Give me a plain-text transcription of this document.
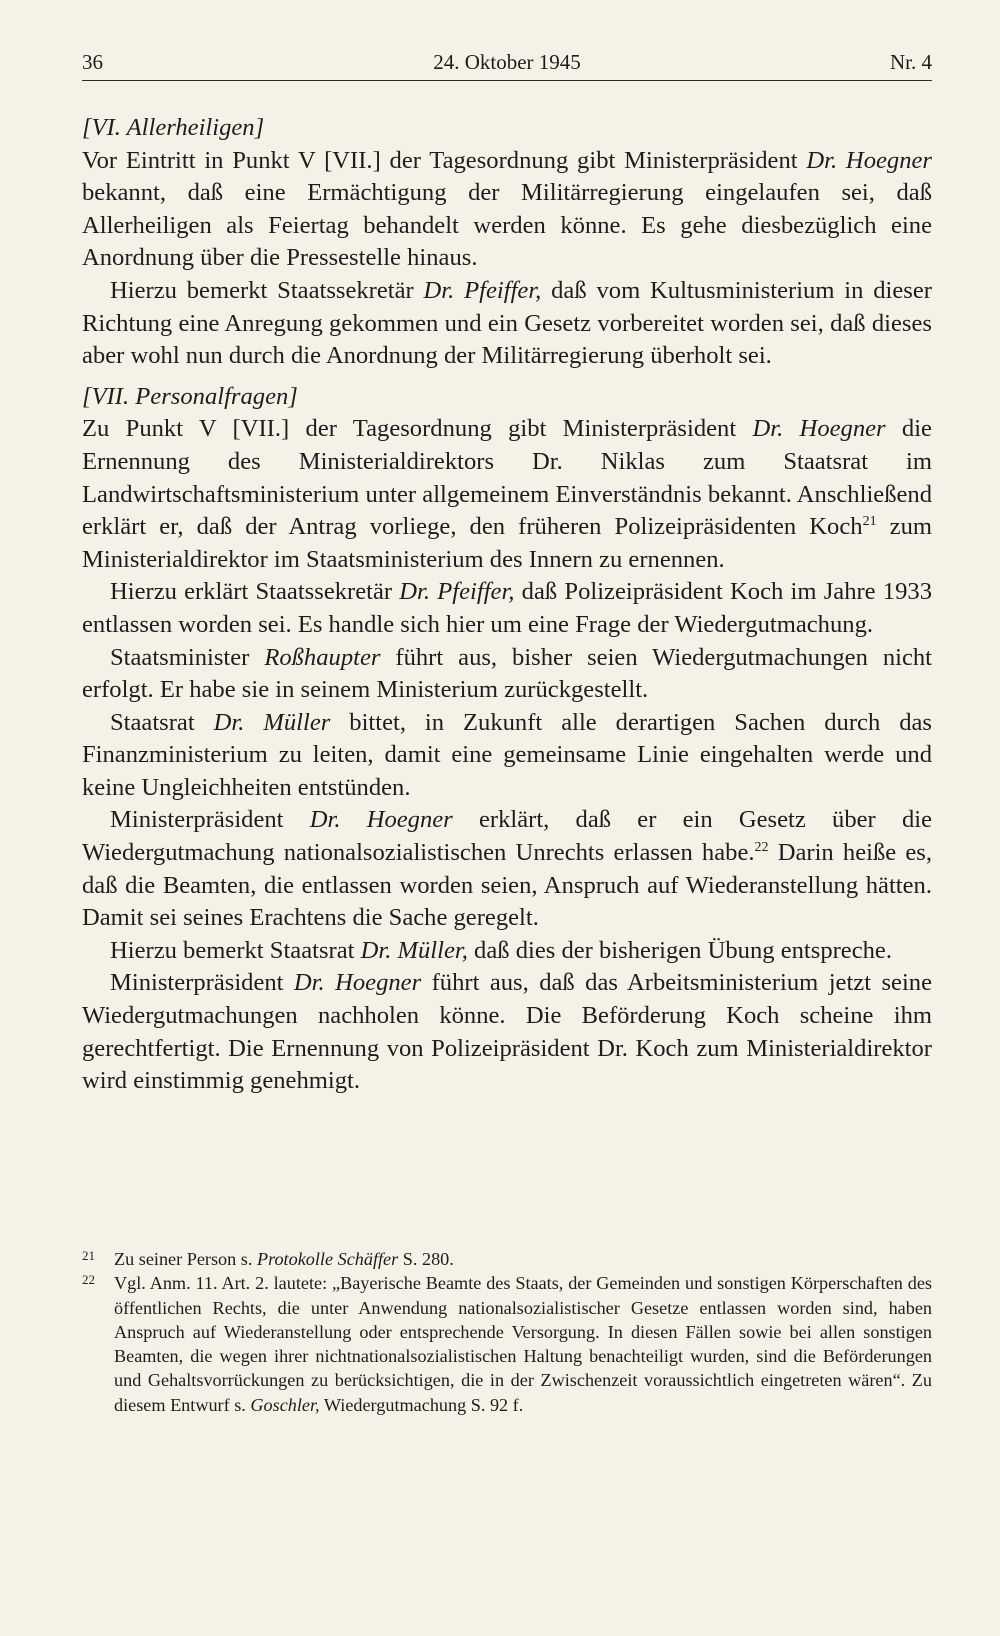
36	24. Oktober 1945	Nr. 4

[VI. Allerheiligen]

Vor Eintritt in Punkt V [VII.] der Tagesordnung gibt Ministerpräsident Dr. Hoegner bekannt, daß eine Ermächtigung der Militärregierung eingelaufen sei, daß Allerheiligen als Feiertag behandelt werden könne. Es gehe diesbezüglich eine Anordnung über die Pressestelle hinaus.

Hierzu bemerkt Staatssekretär Dr. Pfeiffer, daß vom Kultusministerium in dieser Richtung eine Anregung gekommen und ein Gesetz vorbereitet worden sei, daß dieses aber wohl nun durch die Anordnung der Militärregierung überholt sei.

[VII. Personalfragen]

Zu Punkt V [VII.] der Tagesordnung gibt Ministerpräsident Dr. Hoegner die Ernennung des Ministerialdirektors Dr. Niklas zum Staatsrat im Landwirtschaftsministerium unter allgemeinem Einverständnis bekannt. Anschließend erklärt er, daß der Antrag vorliege, den früheren Polizeipräsidenten Koch$^{21}$ zum Ministerialdirektor im Staatsministerium des Innern zu ernennen.

Hierzu erklärt Staatssekretär Dr. Pfeiffer, daß Polizeipräsident Koch im Jahre 1933 entlassen worden sei. Es handle sich hier um eine Frage der Wiedergutmachung.

Staatsminister Roßhaupter führt aus, bisher seien Wiedergutmachungen nicht erfolgt. Er habe sie in seinem Ministerium zurückgestellt.

Staatsrat Dr. Müller bittet, in Zukunft alle derartigen Sachen durch das Finanzministerium zu leiten, damit eine gemeinsame Linie eingehalten werde und keine Ungleichheiten entstünden.

Ministerpräsident Dr. Hoegner erklärt, daß er ein Gesetz über die Wiedergutmachung nationalsozialistischen Unrechts erlassen habe.$^{22}$ Darin heiße es, daß die Beamten, die entlassen worden seien, Anspruch auf Wiederanstellung hätten. Damit sei seines Erachtens die Sache geregelt.

Hierzu bemerkt Staatsrat Dr. Müller, daß dies der bisherigen Übung entspreche.

Ministerpräsident Dr. Hoegner führt aus, daß das Arbeitsministerium jetzt seine Wiedergutmachungen nachholen könne. Die Beförderung Koch scheine ihm gerechtfertigt. Die Ernennung von Polizeipräsident Dr. Koch zum Ministerialdirektor wird einstimmig genehmigt.

21 Zu seiner Person s. Protokolle Schäffer S. 280.
22 Vgl. Anm. 11. Art. 2. lautete: „Bayerische Beamte des Staats, der Gemeinden und sonstigen Körperschaften des öffentlichen Rechts, die unter Anwendung nationalsozialistischer Gesetze entlassen worden sind, haben Anspruch auf Wiederanstellung oder entsprechende Versorgung. In diesen Fällen sowie bei allen sonstigen Beamten, die wegen ihrer nichtnationalsozialistischen Haltung benachteiligt wurden, sind die Beförderungen und Gehaltsvorrückungen zu berücksichtigen, die in der Zwischenzeit voraussichtlich eingetreten wären“. Zu diesem Entwurf s. Goschler, Wiedergutmachung S. 92 f.
